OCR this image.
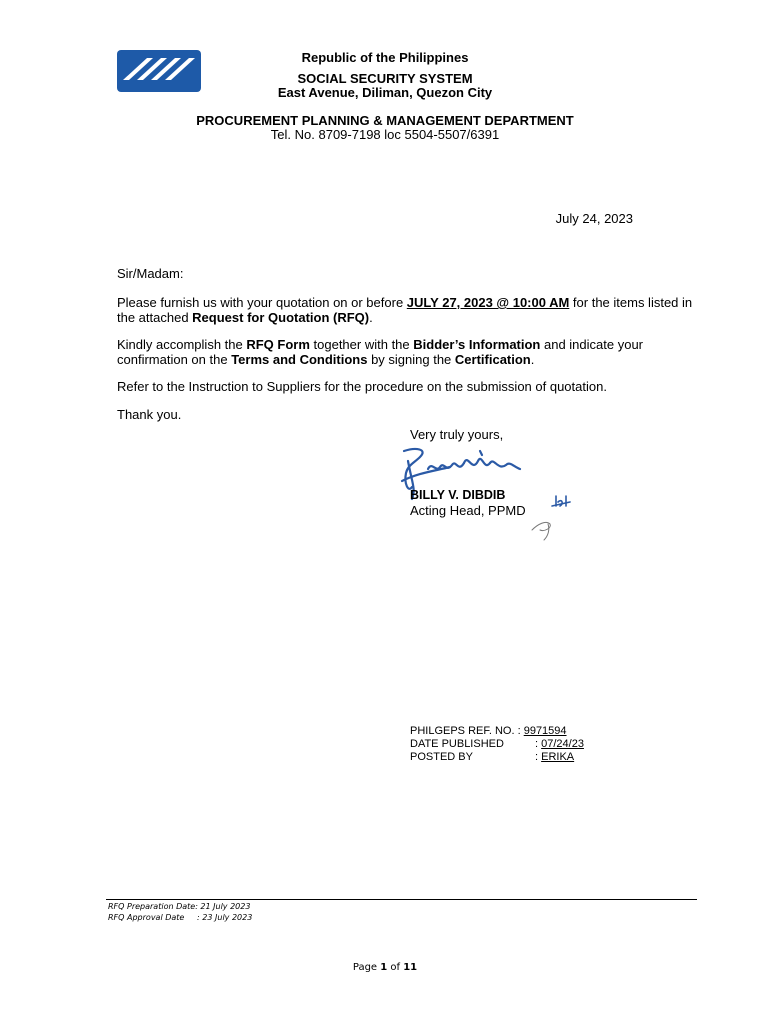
Republic of the Philippines
SOCIAL SECURITY SYSTEM
East Avenue, Diliman, Quezon City
PROCUREMENT PLANNING & MANAGEMENT DEPARTMENT
Tel. No. 8709-7198 loc 5504-5507/6391
July 24, 2023
Sir/Madam:
Please furnish us with your quotation on or before JULY 27, 2023 @ 10:00 AM for the items listed in the attached Request for Quotation (RFQ).
Kindly accomplish the RFQ Form together with the Bidder’s Information and indicate your confirmation on the Terms and Conditions by signing the Certification.
Refer to the Instruction to Suppliers for the procedure on the submission of quotation.
Thank you.
Very truly yours,
BILLY V. DIBDIB
Acting Head, PPMD
PHILGEPS REF. NO. : 9971594
DATE PUBLISHED	: 07/24/23
POSTED BY	: ERIKA
RFQ Preparation Date: 21 July 2023
RFQ Approval Date     : 23 July 2023
Page 1 of 11
